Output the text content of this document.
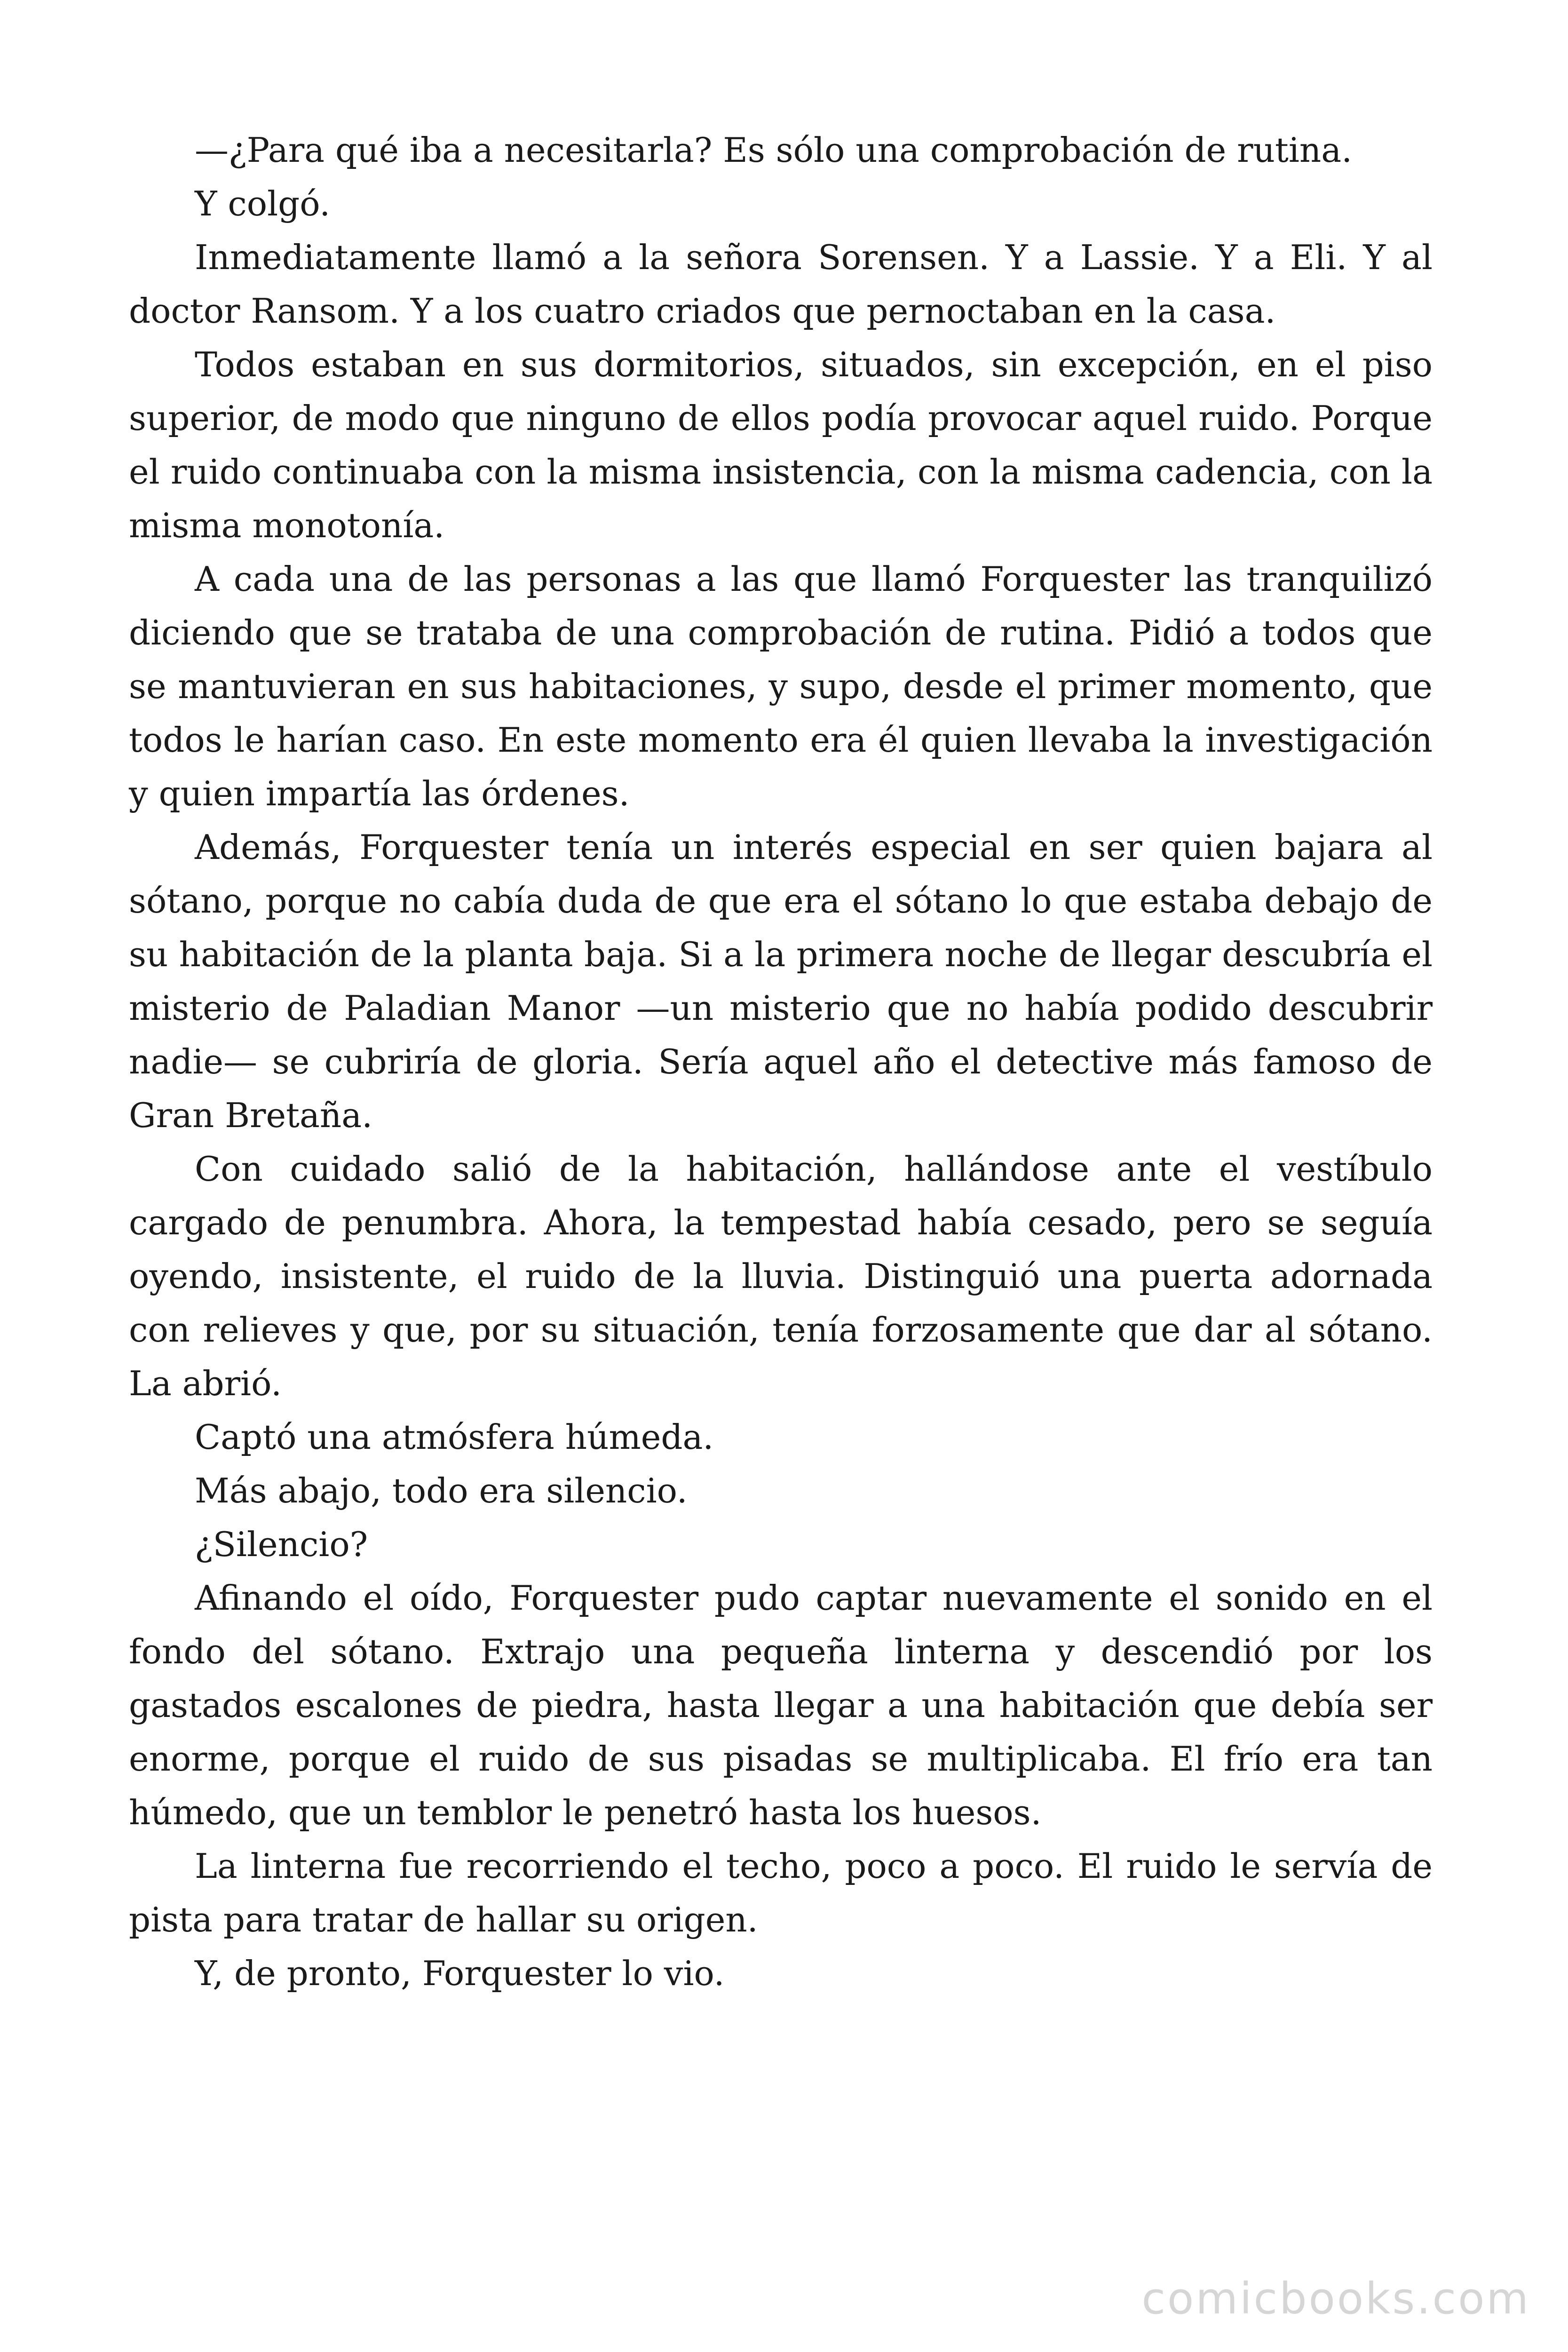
—¿Para qué iba a necesitarla? Es sólo una comprobación de rutina.

Y colgó.

Inmediatamente llamó a la señora Sorensen. Y a Lassie. Y a Eli. Y al doctor Ransom. Y a los cuatro criados que pernoctaban en la casa.

Todos estaban en sus dormitorios, situados, sin excepción, en el piso superior, de modo que ninguno de ellos podía provocar aquel ruido. Porque el ruido continuaba con la misma insistencia, con la misma cadencia, con la misma monotonía.

A cada una de las personas a las que llamó Forquester las tranquilizó diciendo que se trataba de una comprobación de rutina. Pidió a todos que se mantuvieran en sus habitaciones, y supo, desde el primer momento, que todos le harían caso. En este momento era él quien llevaba la investigación y quien impartía las órdenes.

Además, Forquester tenía un interés especial en ser quien bajara al sótano, porque no cabía duda de que era el sótano lo que estaba debajo de su habitación de la planta baja. Si a la primera noche de llegar descubría el misterio de Paladian Manor —un misterio que no había podido descubrir nadie— se cubriría de gloria. Sería aquel año el detective más famoso de Gran Bretaña.

Con cuidado salió de la habitación, hallándose ante el vestíbulo cargado de penumbra. Ahora, la tempestad había cesado, pero se seguía oyendo, insistente, el ruido de la lluvia. Distinguió una puerta adornada con relieves y que, por su situación, tenía forzosamente que dar al sótano. La abrió.

Captó una atmósfera húmeda.

Más abajo, todo era silencio.

¿Silencio?

Afinando el oído, Forquester pudo captar nuevamente el sonido en el fondo del sótano. Extrajo una pequeña linterna y descendió por los gastados escalones de piedra, hasta llegar a una habitación que debía ser enorme, porque el ruido de sus pisadas se multiplicaba. El frío era tan húmedo, que un temblor le penetró hasta los huesos.

La linterna fue recorriendo el techo, poco a poco. El ruido le servía de pista para tratar de hallar su origen.

Y, de pronto, Forquester lo vio.

comicbooks.com
